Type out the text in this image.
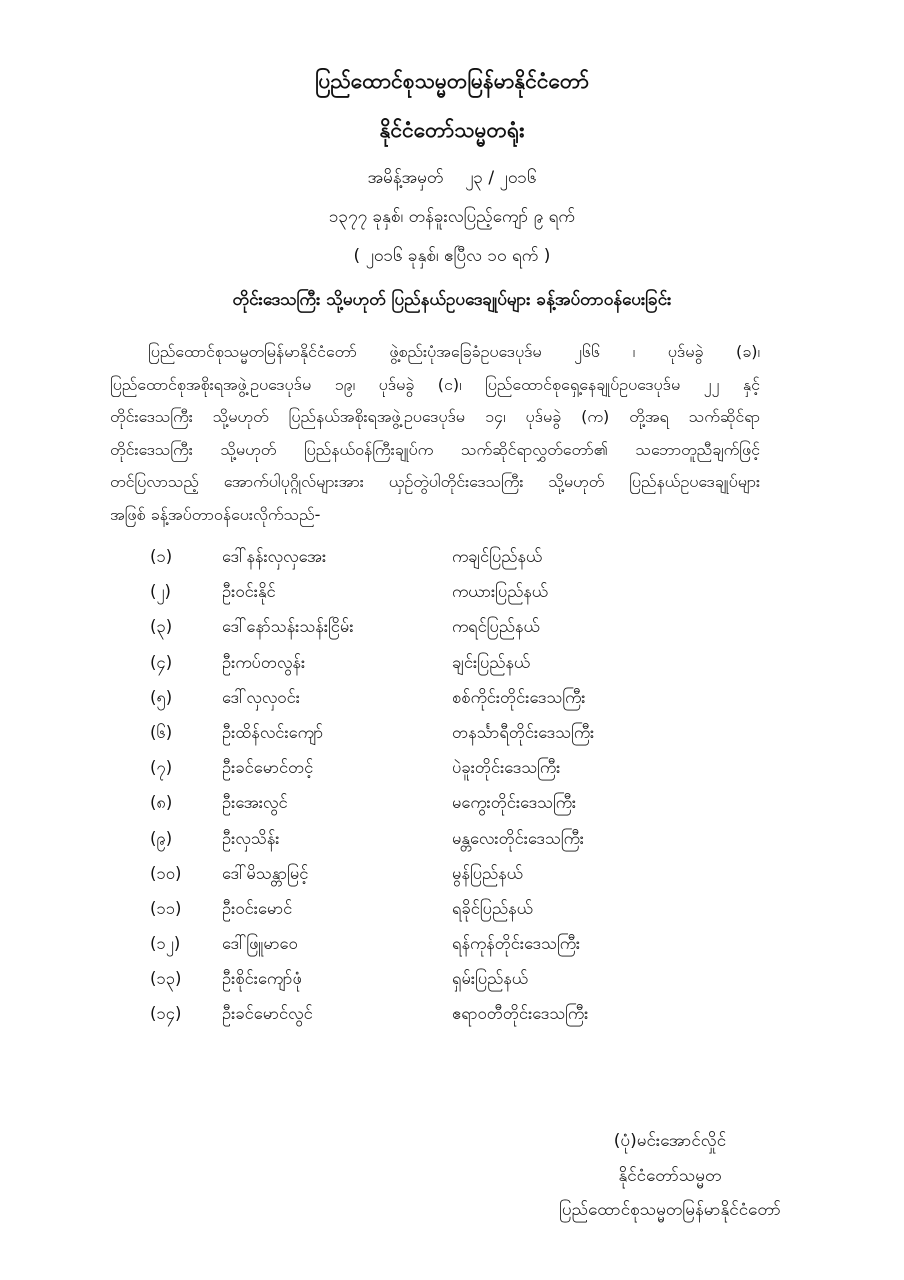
ပြည်ထောင်စုသမ္မတမြန်မာနိုင်ငံတော်
နိုင်ငံတော်သမ္မတရုံး
အမိန့်အမှတ် ၂၃ / ၂၀၁၆
၁၃၇၇ ခုနှစ်၊ တန်ခူးလပြည့်ကျော် ၉ ရက်
( ၂၀၁၆ ခုနှစ်၊ ဧပြီလ ၁၀ ရက် )
တိုင်းဒေသကြီး သို့မဟုတ် ပြည်နယ်ဥပဒေချုပ်များ ခန့်အပ်တာဝန်ပေးခြင်း
ပြည်ထောင်စုသမ္မတမြန်မာနိုင်ငံတော် ဖွဲ့စည်းပုံအခြေခံဥပဒေပုဒ်မ ၂၆၆ ၊ ပုဒ်မခွဲ (ခ)၊
ပြည်ထောင်စုအစိုးရအဖွဲ့ဥပဒေပုဒ်မ ၁၉၊ ပုဒ်မခွဲ (င)၊ ပြည်ထောင်စုရှေ့နေချုပ်ဥပဒေပုဒ်မ ၂၂ နှင့်
တိုင်းဒေသကြီး သို့မဟုတ် ပြည်နယ်အစိုးရအဖွဲ့ဥပဒေပုဒ်မ ၁၄၊ ပုဒ်မခွဲ (က) တို့အရ သက်ဆိုင်ရာ
တိုင်းဒေသကြီး သို့မဟုတ် ပြည်နယ်ဝန်ကြီးချုပ်က သက်ဆိုင်ရာလွှတ်တော်၏ သဘောတူညီချက်ဖြင့်
တင်ပြလာသည့် အောက်ပါပုဂ္ဂိုလ်များအား ယှဉ်တွဲပါတိုင်းဒေသကြီး သို့မဟုတ် ပြည်နယ်ဥပဒေချုပ်များ
အဖြစ် ခန့်အပ်တာဝန်ပေးလိုက်သည်-
(၁)	ဒေါ်နန်းလှလှအေး	ကချင်ပြည်နယ်
(၂)	ဦးဝင်းနိုင်	ကယားပြည်နယ်
(၃)	ဒေါ်နော်သန်းသန်းငြိမ်း	ကရင်ပြည်နယ်
(၄)	ဦးကပ်တလွန်း	ချင်းပြည်နယ်
(၅)	ဒေါ်လှလှဝင်း	စစ်ကိုင်းတိုင်းဒေသကြီး
(၆)	ဦးထိန်လင်းကျော်	တနင်္သာရီတိုင်းဒေသကြီး
(၇)	ဦးခင်မောင်တင့်	ပဲခူးတိုင်းဒေသကြီး
(၈)	ဦးအေးလွင်	မကွေးတိုင်းဒေသကြီး
(၉)	ဦးလှသိန်း	မန္တလေးတိုင်းဒေသကြီး
(၁၀)	ဒေါ်မိသန္တာမြင့်	မွန်ပြည်နယ်
(၁၁)	ဦးဝင်းမောင်	ရခိုင်ပြည်နယ်
(၁၂)	ဒေါ်ဖြူမာဝေ	ရန်ကုန်တိုင်းဒေသကြီး
(၁၃)	ဦးစိုင်းကျော်ဖုံ	ရှမ်းပြည်နယ်
(၁၄)	ဦးခင်မောင်လွင်	ဧရာဝတီတိုင်းဒေသကြီး
(ပုံ)မင်းအောင်လှိုင်
နိုင်ငံတော်သမ္မတ
ပြည်ထောင်စုသမ္မတမြန်မာနိုင်ငံတော်
